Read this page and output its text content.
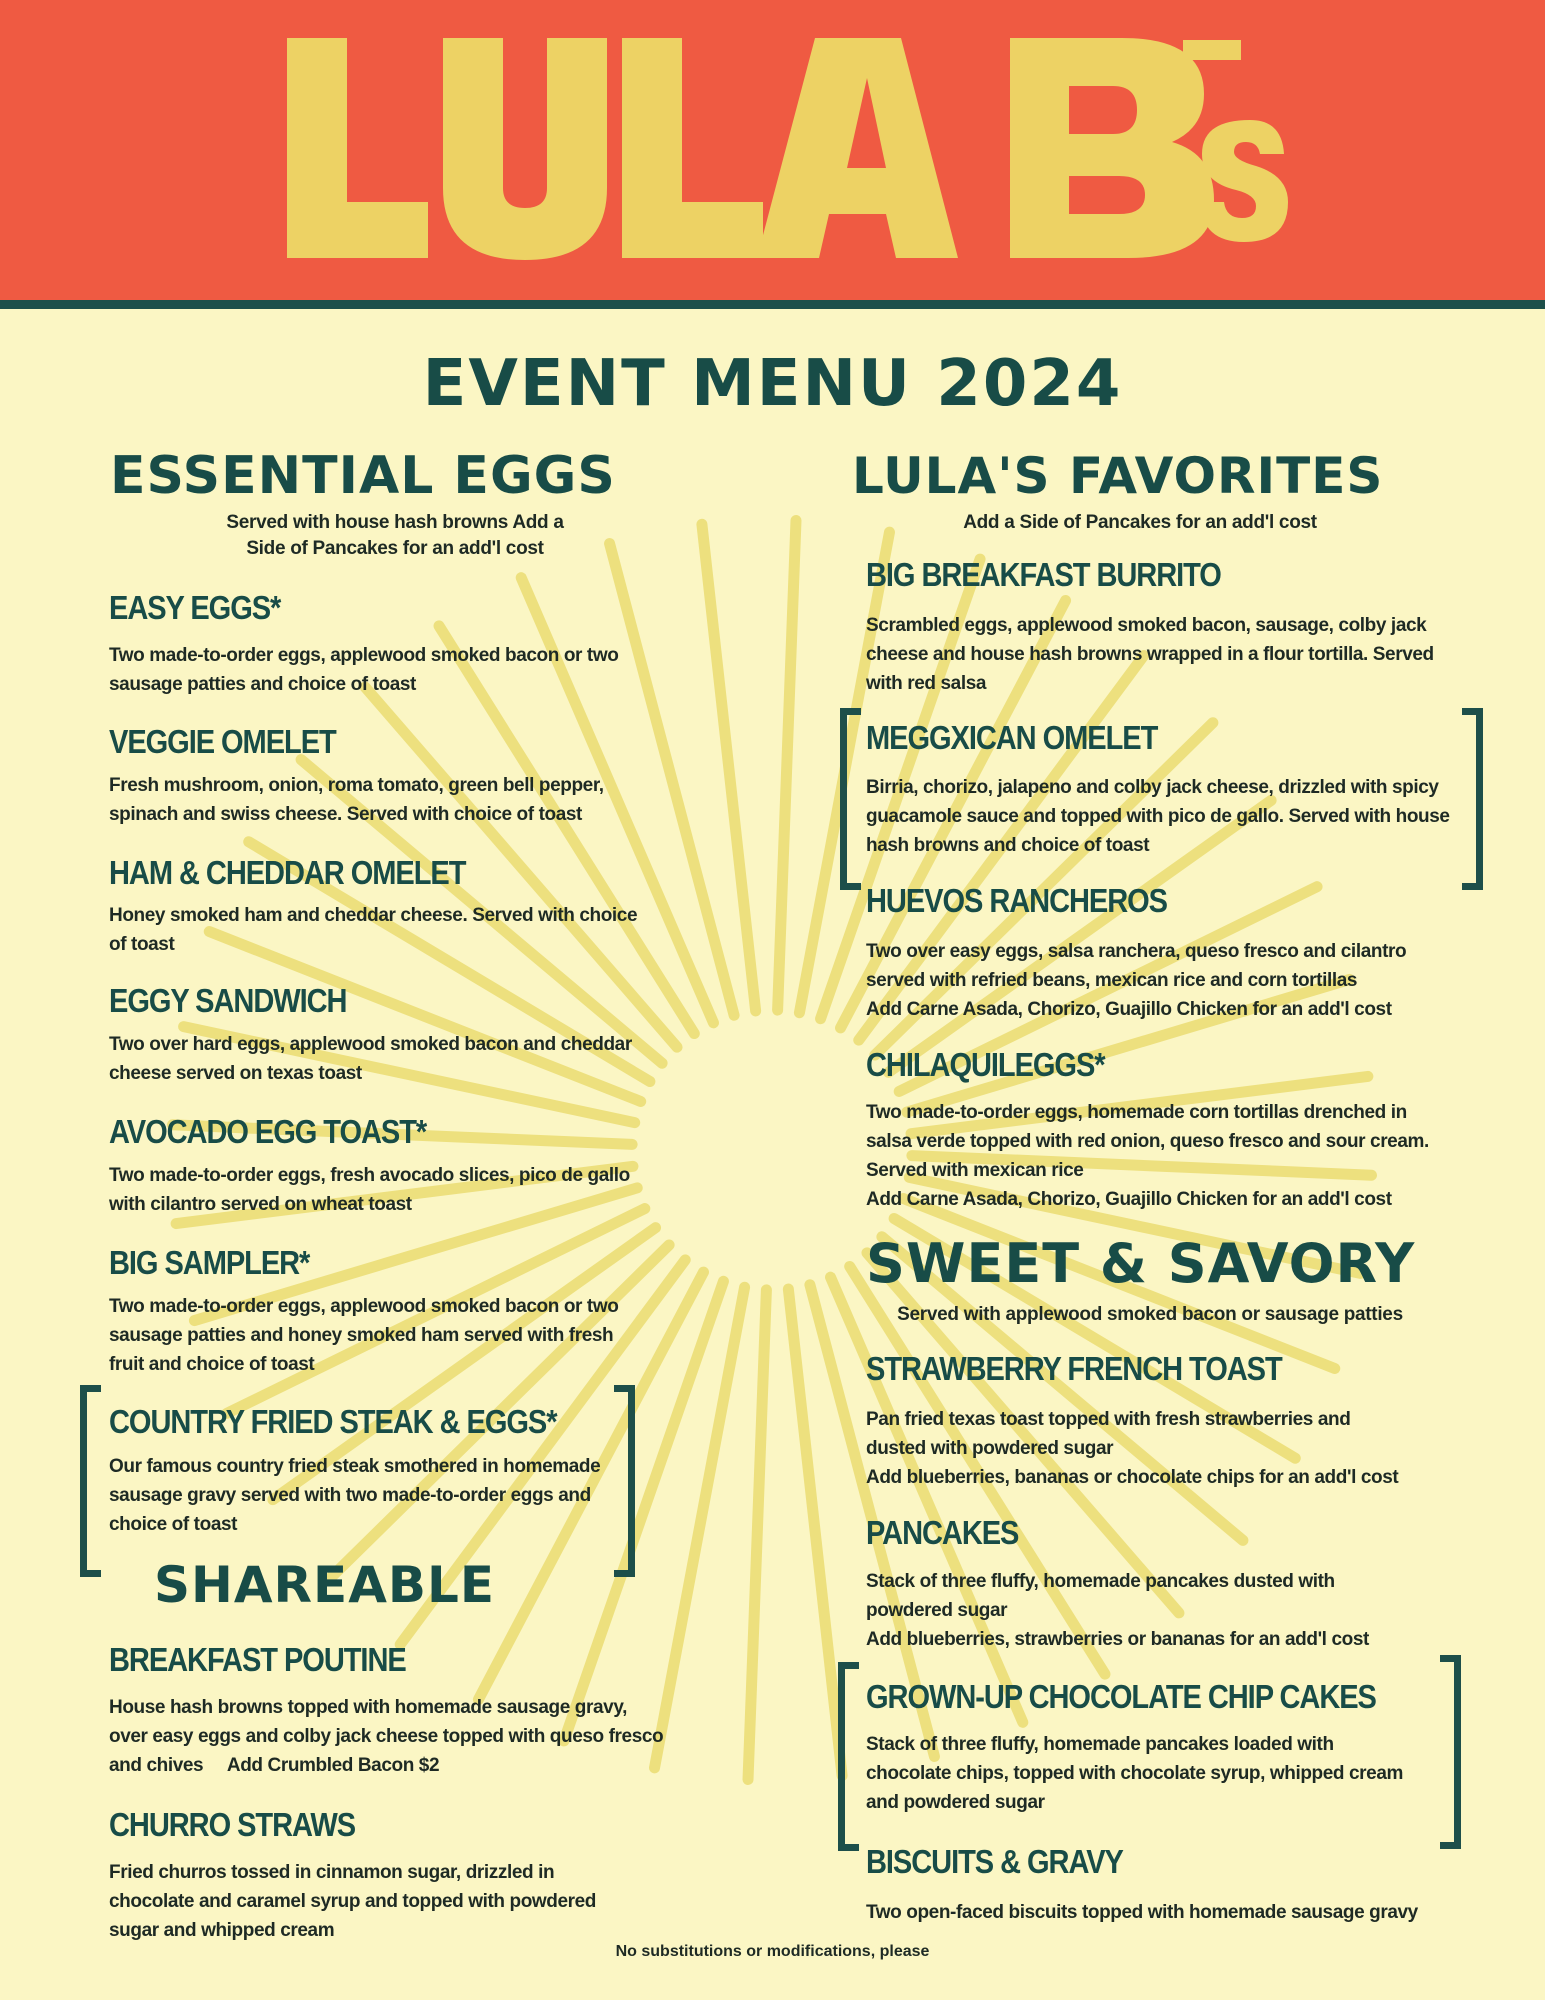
EVENT MENU 2024
ESSENTIAL EGGS
Served with house hash browns Add a
Side of Pancakes for an add'l cost
EASY EGGS*
Two made-to-order eggs, applewood smoked bacon or two
sausage patties and choice of toast
VEGGIE OMELET
Fresh mushroom, onion, roma tomato, green bell pepper,
spinach and swiss cheese. Served with choice of toast
HAM & CHEDDAR OMELET
Honey smoked ham and cheddar cheese. Served with choice
of toast
EGGY SANDWICH
Two over hard eggs, applewood smoked bacon and cheddar
cheese served on texas toast
AVOCADO EGG TOAST*
Two made-to-order eggs, fresh avocado slices, pico de gallo
with cilantro served on wheat toast
BIG SAMPLER*
Two made-to-order eggs, applewood smoked bacon or two
sausage patties and honey smoked ham served with fresh
fruit and choice of toast
COUNTRY FRIED STEAK & EGGS*
Our famous country fried steak smothered in homemade
sausage gravy served with two made-to-order eggs and
choice of toast
SHAREABLE
BREAKFAST POUTINE
House hash browns topped with homemade sausage gravy,
over easy eggs and colby jack cheese topped with queso fresco
and chives     Add Crumbled Bacon $2
CHURRO STRAWS
Fried churros tossed in cinnamon sugar, drizzled in
chocolate and caramel syrup and topped with powdered
sugar and whipped cream
LULA'S FAVORITES
Add a Side of Pancakes for an add'l cost
BIG BREAKFAST BURRITO
Scrambled eggs, applewood smoked bacon, sausage, colby jack
cheese and house hash browns wrapped in a flour tortilla. Served
with red salsa
MEGGXICAN OMELET
Birria, chorizo, jalapeno and colby jack cheese, drizzled with spicy
guacamole sauce and topped with pico de gallo. Served with house
hash browns and choice of toast
HUEVOS RANCHEROS
Two over easy eggs, salsa ranchera, queso fresco and cilantro
served with refried beans, mexican rice and corn tortillas
Add Carne Asada, Chorizo, Guajillo Chicken for an add'l cost
CHILAQUILEGGS*
Two made-to-order eggs, homemade corn tortillas drenched in
salsa verde topped with red onion, queso fresco and sour cream.
Served with mexican rice
Add Carne Asada, Chorizo, Guajillo Chicken for an add'l cost
SWEET & SAVORY
Served with applewood smoked bacon or sausage patties
STRAWBERRY FRENCH TOAST
Pan fried texas toast topped with fresh strawberries and
dusted with powdered sugar
Add blueberries, bananas or chocolate chips for an add'l cost
PANCAKES
Stack of three fluffy, homemade pancakes dusted with
powdered sugar
Add blueberries, strawberries or bananas for an add'l cost
GROWN-UP CHOCOLATE CHIP CAKES
Stack of three fluffy, homemade pancakes loaded with
chocolate chips, topped with chocolate syrup, whipped cream
and powdered sugar
BISCUITS & GRAVY
Two open-faced biscuits topped with homemade sausage gravy
No substitutions or modifications, please
